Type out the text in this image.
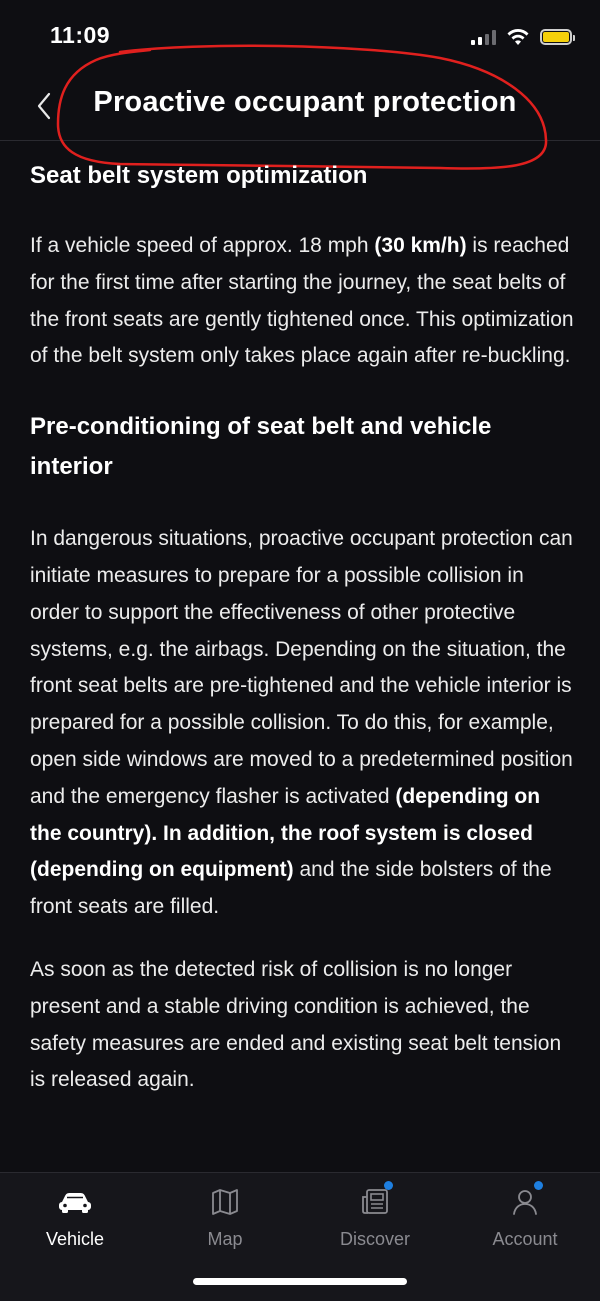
11:09
Proactive occupant protection
Seat belt system optimization

If a vehicle speed of approx. 18 mph (30 km/h) is reached for the first time after starting the journey, the seat belts of the front seats are gently tightened once. This optimization of the belt system only takes place again after re-buckling.

Pre-conditioning of seat belt and vehicle interior

In dangerous situations, proactive occupant protection can initiate measures to prepare for a possible collision in order to support the effectiveness of other protective systems, e.g. the airbags. Depending on the situation, the front seat belts are pre-tightened and the vehicle interior is prepared for a possible collision. To do this, for example, open side windows are moved to a predetermined position and the emergency flasher is activated (depending on the country). In addition, the roof system is closed (depending on equipment) and the side bolsters of the front seats are filled.

As soon as the detected risk of collision is no longer present and a stable driving condition is achieved, the safety measures are ended and existing seat belt tension is released again.

Vehicle	Map	Discover	Account
